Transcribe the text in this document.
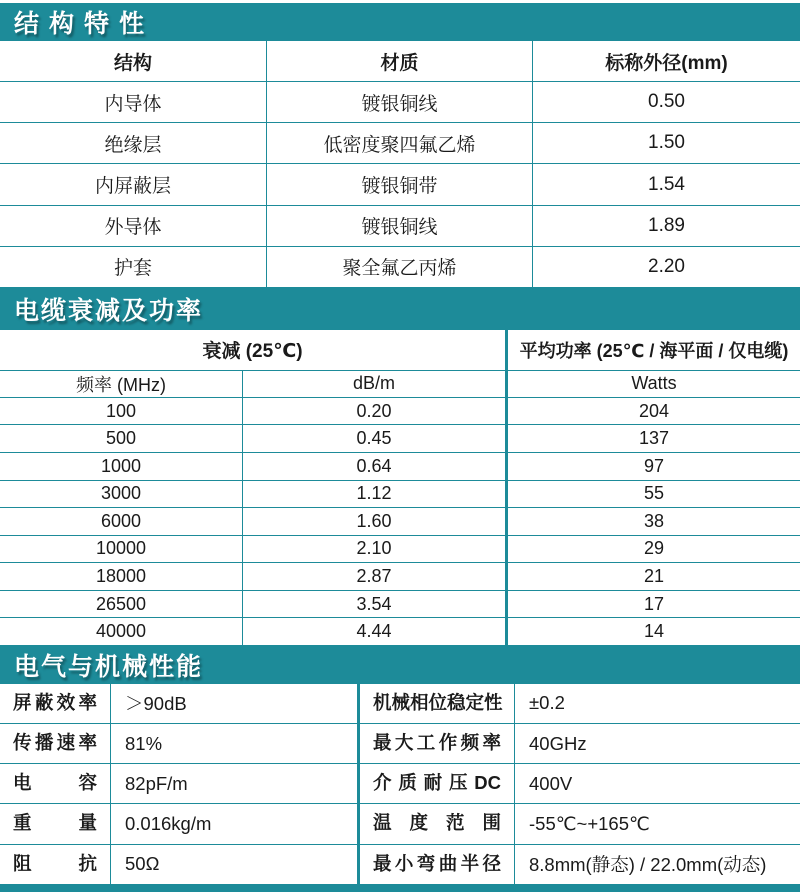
结构特性
结构	材质	标称外径(mm)
内导体	镀银铜线	0.50
绝缘层	低密度聚四氟乙烯	1.50
内屏蔽层	镀银铜带	1.54
外导体	镀银铜线	1.89
护套	聚全氟乙丙烯	2.20
电缆衰减及功率
衰减 (25℃)	平均功率 (25℃ / 海平面 / 仅电缆)
频率 (MHz)	dB/m	Watts
100	0.20	204
500	0.45	137
1000	0.64	97
3000	1.12	55
6000	1.60	38
10000	2.10	29
18000	2.87	21
26500	3.54	17
40000	4.44	14
电气与机械性能
屏蔽效率	＞90dB	机械相位稳定性	±0.2
传播速率	81%	最大工作频率	40GHz
电容	82pF/m	介质耐压DC	400V
重量	0.016kg/m	温度范围	-55℃~+165℃
阻抗	50Ω	最小弯曲半径	8.8mm(静态) / 22.0mm(动态)
